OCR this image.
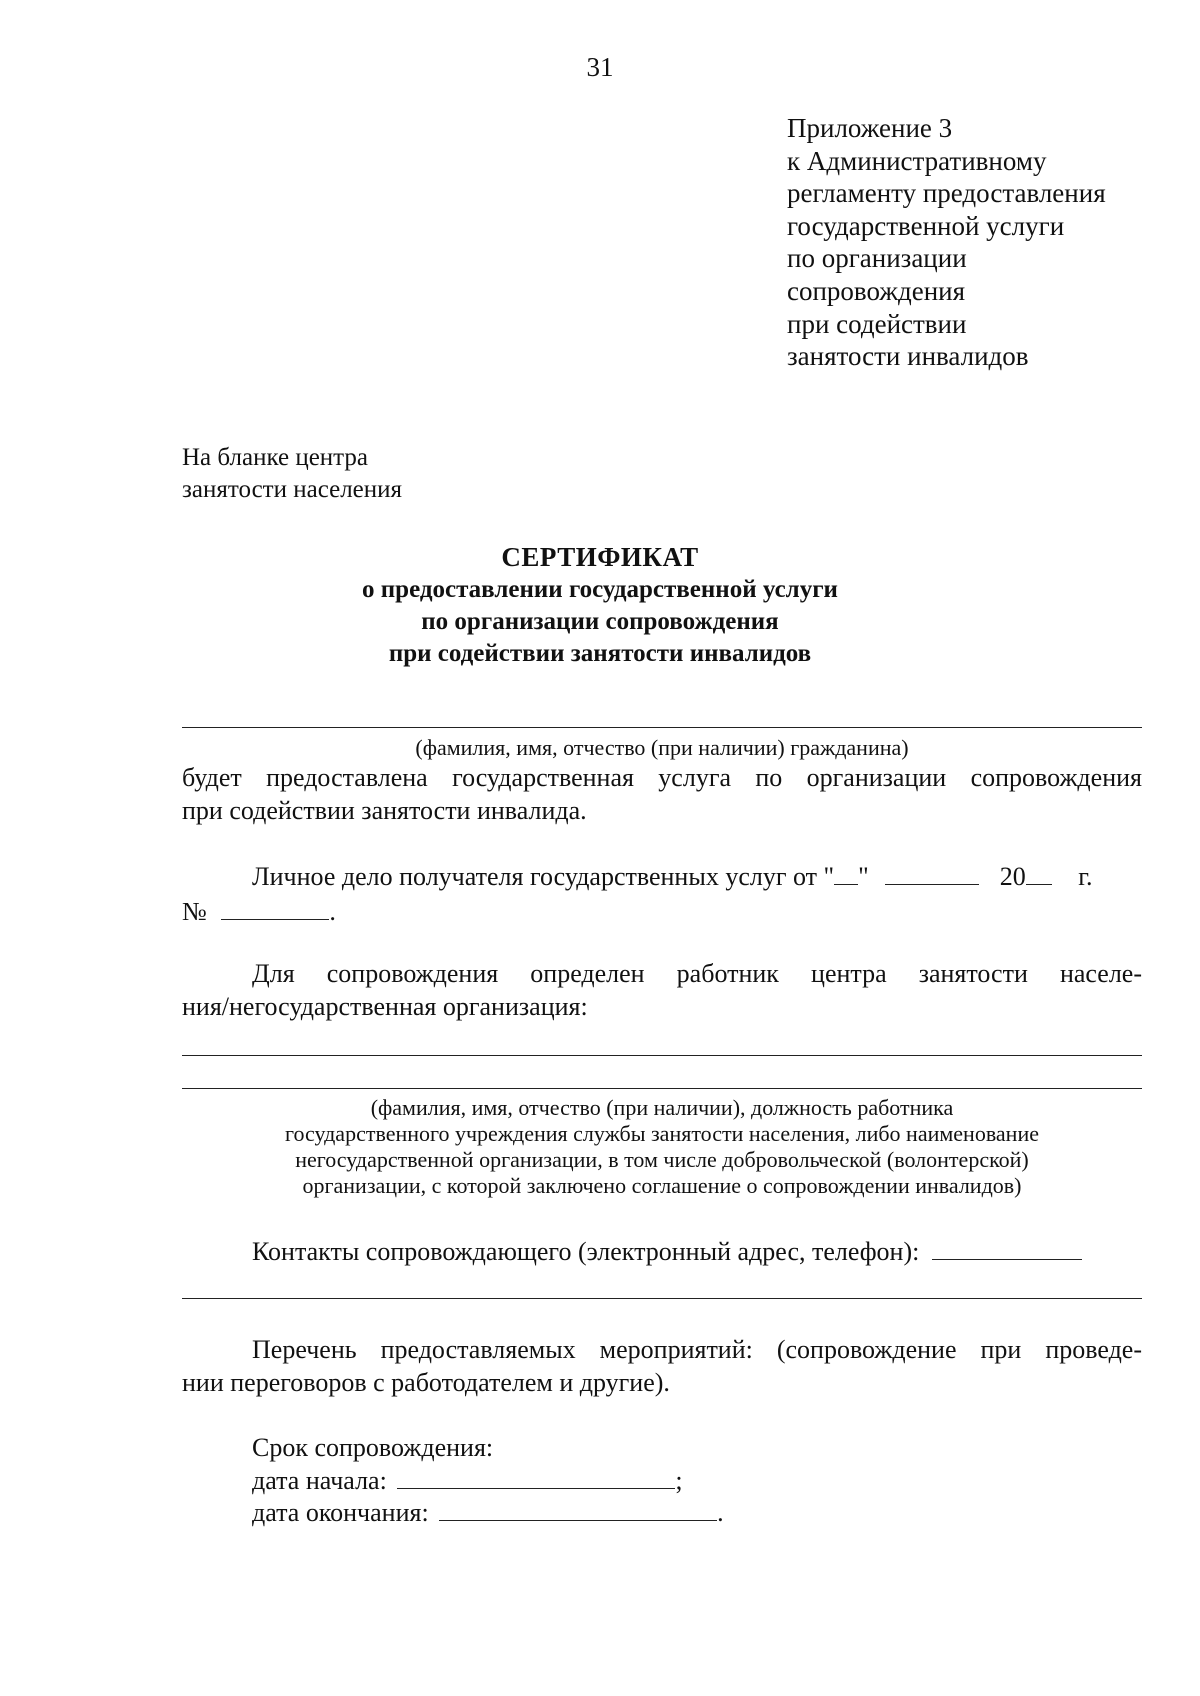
31
Приложение 3
к Административному
регламенту предоставления
государственной услуги
по организации
сопровождения
при содействии
занятости инвалидов
На бланке центра
занятости населения
СЕРТИФИКАТ
о предоставлении государственной услуги
по организации сопровождения
при содействии занятости инвалидов
(фамилия, имя, отчество (при наличии) гражданина)
будет предоставлена государственная услуга по организации сопровождения
при содействии занятости инвалида.
Личное дело получателя государственных услуг от " "	20 г.
№	.
Для сопровождения определен работник центра занятости населе-
ния/негосударственная организация:
(фамилия, имя, отчество (при наличии), должность работника
государственного учреждения службы занятости населения, либо наименование
негосударственной организации, в том числе добровольческой (волонтерской)
организации, с которой заключено соглашение о сопровождении инвалидов)
Контакты сопровождающего (электронный адрес, телефон):
Перечень предоставляемых мероприятий: (сопровождение при проведе-
нии переговоров с работодателем и другие).
Срок сопровождения:
дата начала:	;
дата окончания:	.
